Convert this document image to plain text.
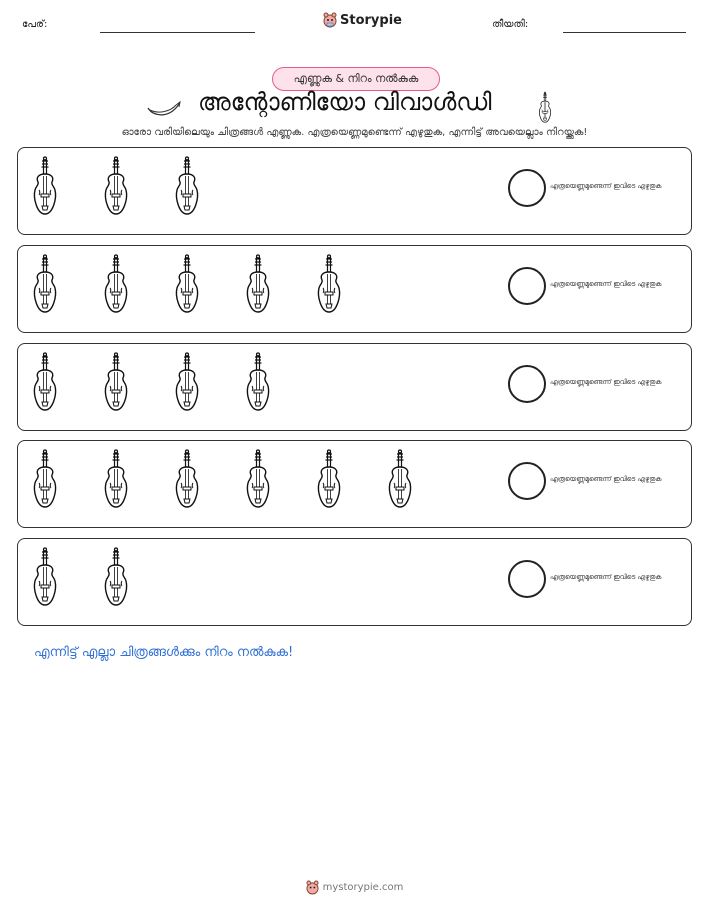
പേര്:	Storypie	തീയതി:
എണ്ണുക & നിറം നൽകുക
അന്റോണിയോ വിവാൾഡി
ഓരോ വരിയിലെയും ചിത്രങ്ങൾ എണ്ണുക. എത്രയെണ്ണമുണ്ടെന്ന് എഴുതുക, എന്നിട്ട് അവയെല്ലാം നിറയ്ക്കുക!
എത്രയെണ്ണമുണ്ടെന്ന് ഇവിടെ എഴുതുക
എത്രയെണ്ണമുണ്ടെന്ന് ഇവിടെ എഴുതുക
എത്രയെണ്ണമുണ്ടെന്ന് ഇവിടെ എഴുതുക
എത്രയെണ്ണമുണ്ടെന്ന് ഇവിടെ എഴുതുക
എത്രയെണ്ണമുണ്ടെന്ന് ഇവിടെ എഴുതുക
എന്നിട്ട് എല്ലാ ചിത്രങ്ങൾക്കും നിറം നൽകുക!
mystorypie.com
